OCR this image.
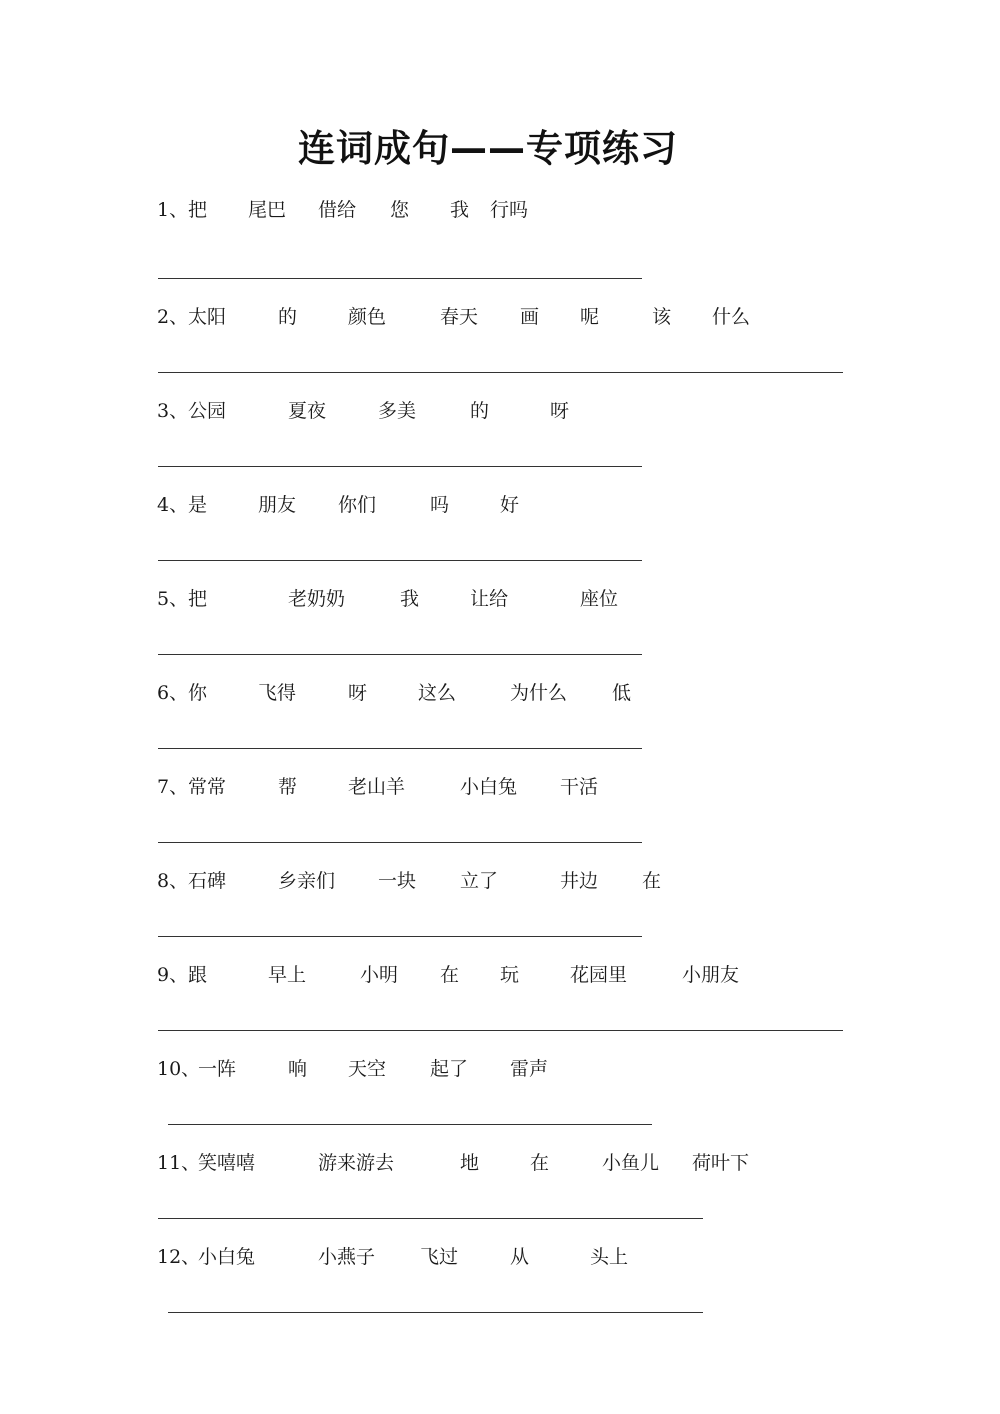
连词成句——专项练习
1、 把 尾巴 借给 您 我 行吗
2、 太阳	的	颜色	春天 画 呢	该 什么
3、 公园	夏夜	多美	的	呀
4、 是	朋友 你们	吗	好
5、 把	老奶奶	我	让给	座位
6、 你	飞得	呀	这么	为什么 低
7、 常常	帮	老山羊	小白兔 干活
8、 石碑	乡亲们 一块 立了	井边 在
9、 跟	早上	小明 在 玩	花园里	小朋友
10、
一阵	响 天空 起了 雷声
11、
笑嘻嘻	游来游去	地	在	小鱼儿 荷叶下
12、
小白兔	小燕子 飞过	从	头上
